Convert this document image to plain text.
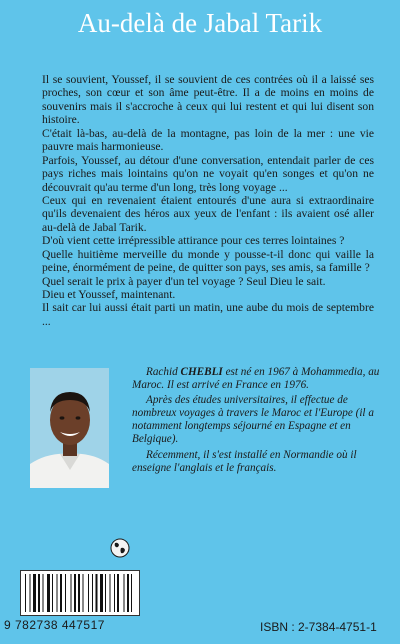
Au-delà de Jabal Tarik

Il se souvient, Youssef, il se souvient de ces contrées où il a laissé ses proches, son cœur et son âme peut-être. Il a de moins en moins de souvenirs mais il s'accroche à ceux qui lui restent et qui lui disent son histoire.

C'était là-bas, au-delà de la montagne, pas loin de la mer : une vie pauvre mais harmonieuse.

Parfois, Youssef, au détour d'une conversation, entendait parler de ces pays riches mais lointains qu'on ne voyait qu'en songes et qu'on ne découvrait qu'au terme d'un long, très long voyage ...

Ceux qui en revenaient étaient entourés d'une aura si extraordinaire qu'ils devenaient des héros aux yeux de l'enfant : ils avaient osé aller au-delà de Jabal Tarik.

D'où vient cette irrépressible attirance pour ces terres lointaines ?

Quelle huitième merveille du monde y pousse-t-il donc qui vaille la peine, énormément de peine, de quitter son pays, ses amis, sa famille ?

Quel serait le prix à payer d'un tel voyage ? Seul Dieu le sait.

Dieu et Youssef, maintenant.

Il sait car lui aussi était parti un matin, une aube du mois de septembre ...

Rachid CHEBLI est né en 1967 à Mohammedia, au Maroc. Il est arrivé en France en 1976.

Après des études universitaires, il effectue de nombreux voyages à travers le Maroc et l'Europe (il a notamment longtemps séjourné en Espagne et en Belgique).

Récemment, il s'est installé en Normandie où il enseigne l'anglais et le français.

9 782738 447517	ISBN : 2-7384-4751-1
